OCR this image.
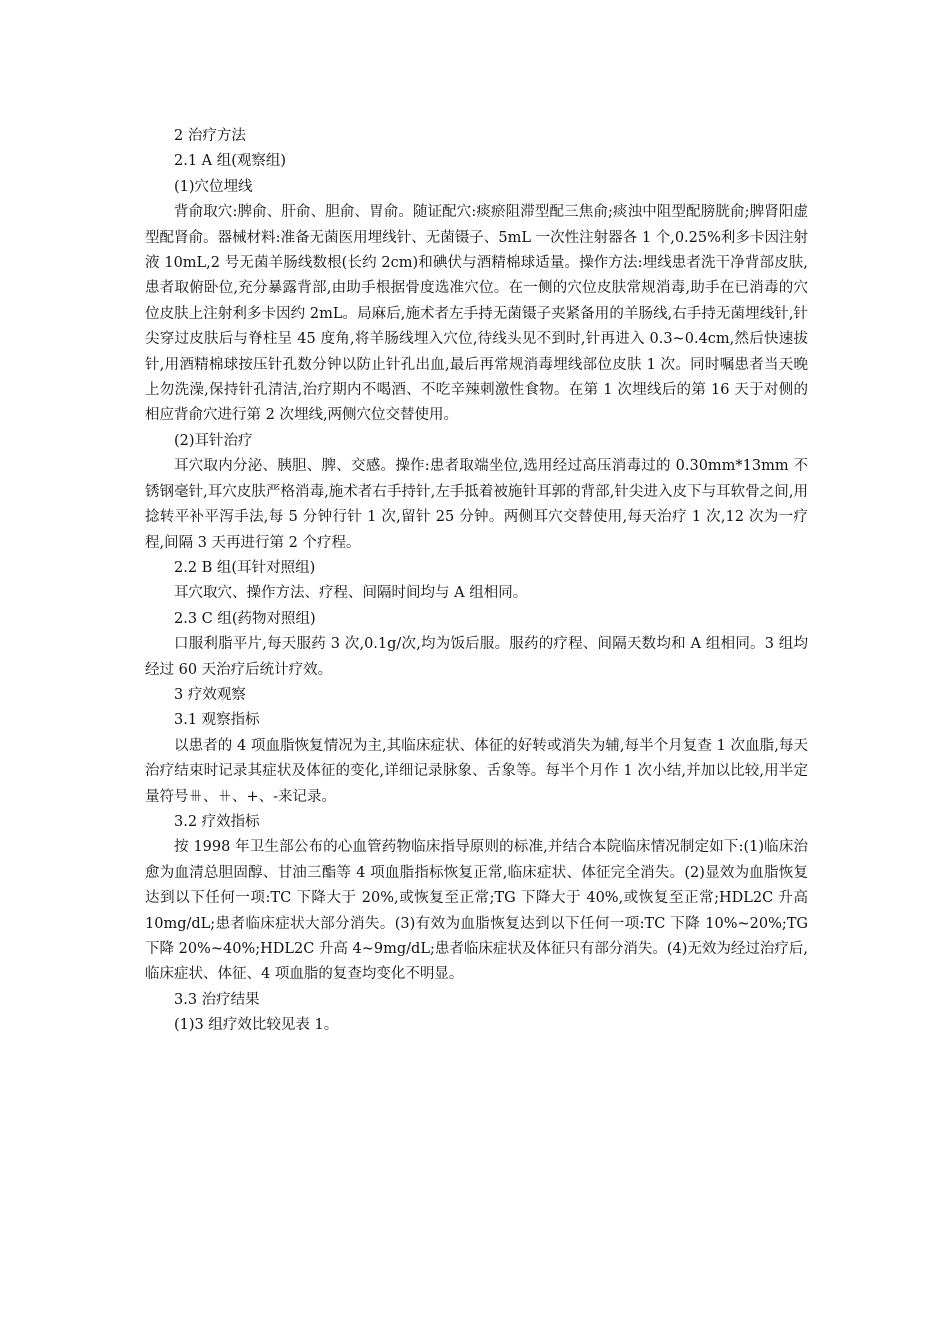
2 治疗方法

2.1 A 组(观察组)

(1)穴位埋线

背俞取穴:脾俞、肝俞、胆俞、胃俞。随证配穴:痰瘀阻滞型配三焦俞;痰浊中阻型配膀胱俞;脾肾阳虚型配肾俞。器械材料:准备无菌医用埋线针、无菌镊子、5mL 一次性注射器各 1 个,0.25%利多卡因注射液 10mL,2 号无菌羊肠线数根(长约 2cm)和碘伏与酒精棉球适量。操作方法:埋线患者洗干净背部皮肤,患者取俯卧位,充分暴露背部,由助手根据骨度选准穴位。在一侧的穴位皮肤常规消毒,助手在已消毒的穴位皮肤上注射利多卡因约 2mL。局麻后,施术者左手持无菌镊子夹紧备用的羊肠线,右手持无菌埋线针,针尖穿过皮肤后与脊柱呈 45 度角,将羊肠线埋入穴位,待线头见不到时,针再进入 0.3~0.4cm,然后快速拔针,用酒精棉球按压针孔数分钟以防止针孔出血,最后再常规消毒埋线部位皮肤 1 次。同时嘱患者当天晚上勿洗澡,保持针孔清洁,治疗期内不喝酒、不吃辛辣刺激性食物。在第 1 次埋线后的第 16 天于对侧的相应背俞穴进行第 2 次埋线,两侧穴位交替使用。

(2)耳针治疗

耳穴取内分泌、胰胆、脾、交感。操作:患者取端坐位,选用经过高压消毒过的 0.30mm*13mm 不锈钢毫针,耳穴皮肤严格消毒,施术者右手持针,左手抵着被施针耳郭的背部,针尖进入皮下与耳软骨之间,用捻转平补平泻手法,每 5 分钟行针 1 次,留针 25 分钟。两侧耳穴交替使用,每天治疗 1 次,12 次为一疗程,间隔 3 天再进行第 2 个疗程。

2.2 B 组(耳针对照组)

耳穴取穴、操作方法、疗程、间隔时间均与 A 组相同。

2.3 C 组(药物对照组)

口服利脂平片,每天服药 3 次,0.1g/次,均为饭后服。服药的疗程、间隔天数均和 A 组相同。3 组均经过 60 天治疗后统计疗效。

3 疗效观察

3.1 观察指标

以患者的 4 项血脂恢复情况为主,其临床症状、体征的好转或消失为辅,每半个月复查 1 次血脂,每天治疗结束时记录其症状及体征的变化,详细记录脉象、舌象等。每半个月作 1 次小结,并加以比较,用半定量符号⧻、⧺、+、-来记录。

3.2 疗效指标

按 1998 年卫生部公布的心血管药物临床指导原则的标准,并结合本院临床情况制定如下:(1)临床治愈为血清总胆固醇、甘油三酯等 4 项血脂指标恢复正常,临床症状、体征完全消失。(2)显效为血脂恢复达到以下任何一项:TC 下降大于 20%,或恢复至正常;TG 下降大于 40%,或恢复至正常;HDL2C 升高 10mg/dL;患者临床症状大部分消失。(3)有效为血脂恢复达到以下任何一项:TC 下降 10%~20%;TG 下降 20%~40%;HDL2C 升高 4~9mg/dL;患者临床症状及体征只有部分消失。(4)无效为经过治疗后,临床症状、体征、4 项血脂的复查均变化不明显。

3.3 治疗结果

(1)3 组疗效比较见表 1。
